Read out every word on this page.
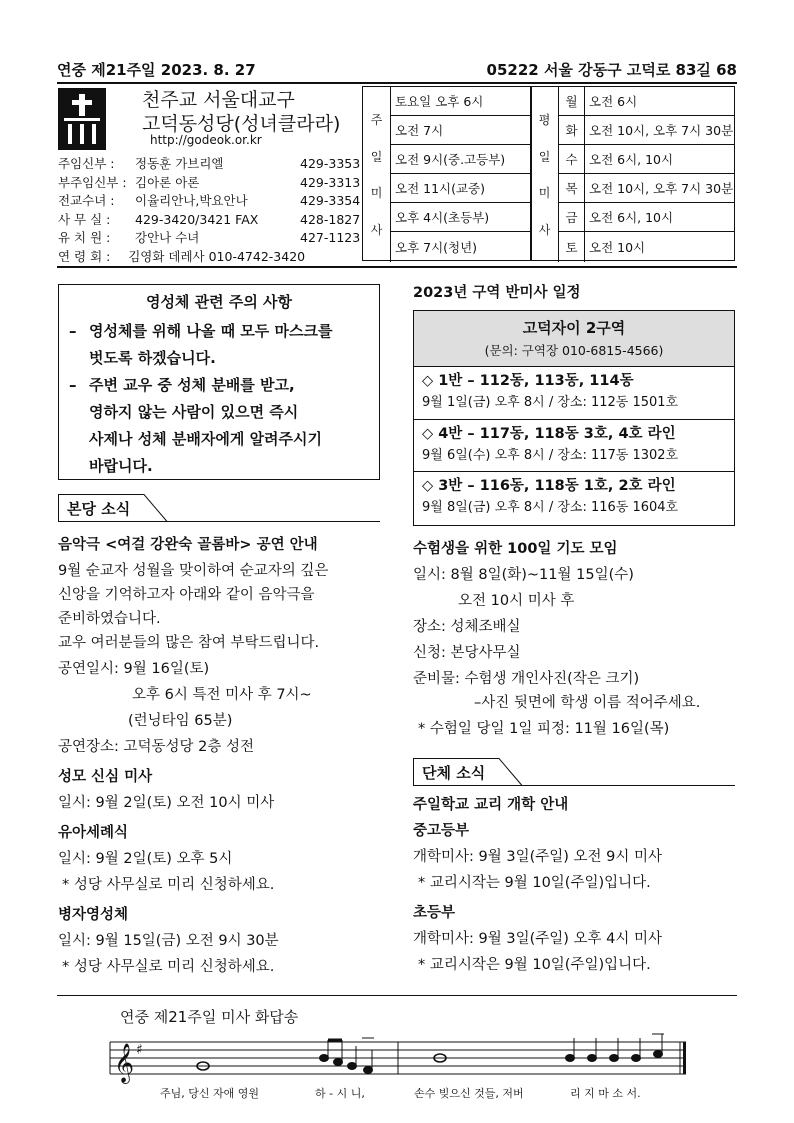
연중 제21주일 2023. 8. 27	05222 서울 강동구 고덕로 83길 68
천주교 서울대교구
고덕동성당(성녀클라라)
http://godeok.or.kr
주임신부 :	정동훈 가브리엘	429-3353
부주임신부 : 김아론 아론	429-3313
전교수녀 :	이율리안나,박요안나	429-3354
사 무 실 :	429-3420/3421 FAX	428-1827
유 치 원 :	강안나 수녀	427-1123
연 령 회 :	김영화 데레사 010-4742-3420
주
일
미
사
토요일 오후 6시
오전 7시
오전 9시(중.고등부)
오전 11시(교중)
오후 4시(초등부)
오후 7시(청년)
평
일
미
사
월 오전 6시
화 오전 10시, 오후 7시 30분
수 오전 6시, 10시
목 오전 10시, 오후 7시 30분
금 오전 6시, 10시
토 오전 10시
영성체 관련 주의 사항
– 영성체를 위해 나올 때 모두 마스크를
벗도록 하겠습니다.
– 주변 교우 중 성체 분배를 받고,
영하지 않는 사람이 있으면 즉시
사제나 성체 분배자에게 알려주시기
바랍니다.
본당 소식
음악극 <여걸 강완숙 골롬바> 공연 안내
9월 순교자 성월을 맞이하여 순교자의 깊은
신앙을 기억하고자 아래와 같이 음악극을
준비하였습니다.
교우 여러분들의 많은 참여 부탁드립니다.
공연일시: 9월 16일(토)
오후 6시 특전 미사 후 7시~
(런닝타임 65분)
공연장소: 고덕동성당 2층 성전
성모 신심 미사
일시: 9월 2일(토) 오전 10시 미사
유아세례식
일시: 9월 2일(토) 오후 5시
* 성당 사무실로 미리 신청하세요.
병자영성체
일시: 9월 15일(금) 오전 9시 30분
* 성당 사무실로 미리 신청하세요.
2023년 구역 반미사 일정
고덕자이 2구역
(문의: 구역장 010-6815-4566)
◇ 1반 – 112동, 113동, 114동
9월 1일(금) 오후 8시 / 장소: 112동 1501호
◇ 4반 – 117동, 118동 3호, 4호 라인
9월 6일(수) 오후 8시 / 장소: 117동 1302호
◇ 3반 – 116동, 118동 1호, 2호 라인
9월 8일(금) 오후 8시 / 장소: 116동 1604호
수험생을 위한 100일 기도 모임
일시: 8월 8일(화)~11월 15일(수)
오전 10시 미사 후
장소: 성체조배실
신청: 본당사무실
준비물: 수험생 개인사진(작은 크기)
–사진 뒷면에 학생 이름 적어주세요.
* 수험일 당일 1일 피정: 11월 16일(목)
단체 소식
주일학교 교리 개학 안내
중고등부
개학미사: 9월 3일(주일) 오전 9시 미사
* 교리시작는 9월 10일(주일)입니다.
초등부
개학미사: 9월 3일(주일) 오후 4시 미사
* 교리시작은 9월 10일(주일)입니다.
연중 제21주일 미사 화답송
𝄞 ♯
주님, 당신 자애 영원	하 - 시 니,	손수 빚으신 것들, 저버	리 지 마 소 서.
